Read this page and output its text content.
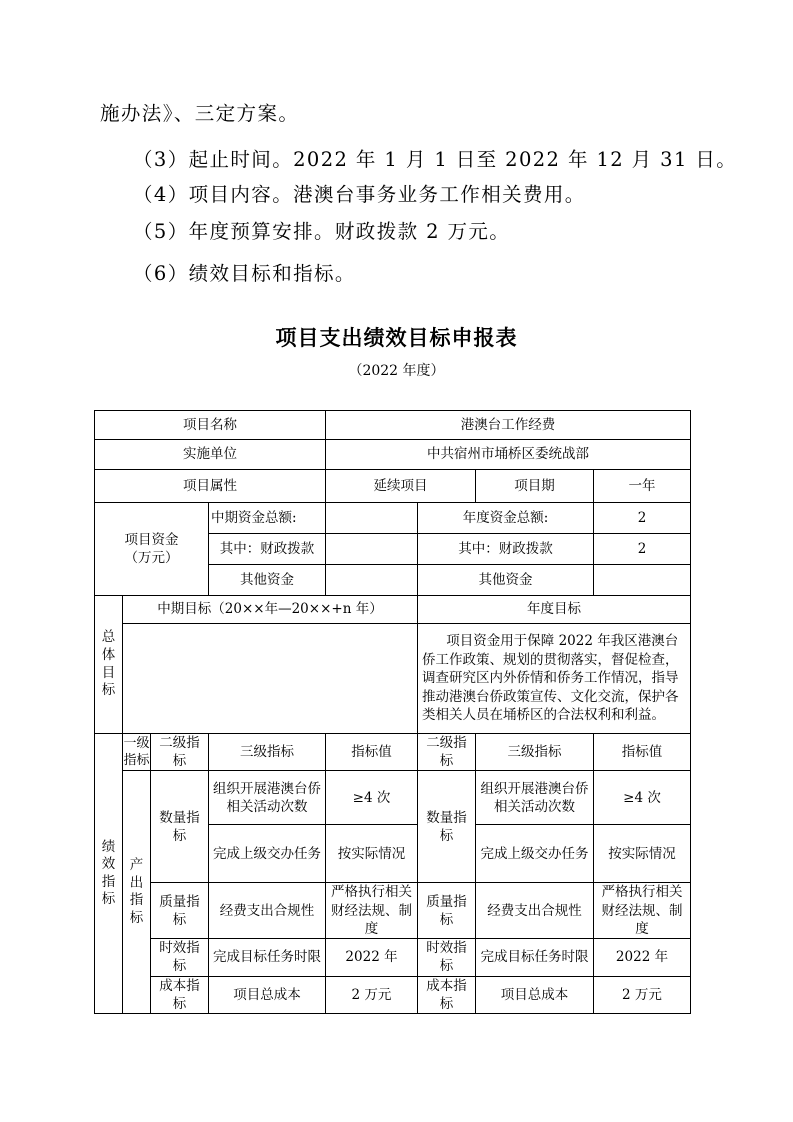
施办法》、三定方案。
（3）起止时间。2022 年 1 月 1 日至 2022 年 12 月 31 日。
（4）项目内容。港澳台事务业务工作相关费用。
（5）年度预算安排。财政拨款 2 万元。
（6）绩效目标和指标。
项目支出绩效目标申报表
（2022 年度）
项目名称				港澳台工作经费			
实施单位				中共宿州市埇桥区委统战部			
项目属性				延续项目		项目期	一年
项目资金（万元）			中期资金总额:		年度资金总额:		2
			其中：财政拨款		其中：财政拨款		2
			其他资金		其他资金		
总体目标	中期目标（20××年—20××+n 年）				年度目标		
					项目资金用于保障 2022 年我区港澳台侨工作政策、规划的贯彻落实，督促检查，调查研究区内外侨情和侨务工作情况，指导推动港澳台侨政策宣传、文化交流，保护各类相关人员在埇桥区的合法权利和利益。		
绩效指标	一级指标	二级指标	三级指标	指标值	二级指标	三级指标	指标值
	产出指标	数量指标	组织开展港澳台侨相关活动次数	≥4 次	数量指标	组织开展港澳台侨相关活动次数	≥4 次
			完成上级交办任务	按实际情况		完成上级交办任务	按实际情况
		质量指标	经费支出合规性	严格执行相关财经法规、制度	质量指标	经费支出合规性	严格执行相关财经法规、制度
		时效指标	完成目标任务时限	2022 年	时效指标	完成目标任务时限	2022 年
		成本指标	项目总成本	2 万元	成本指标	项目总成本	2 万元
